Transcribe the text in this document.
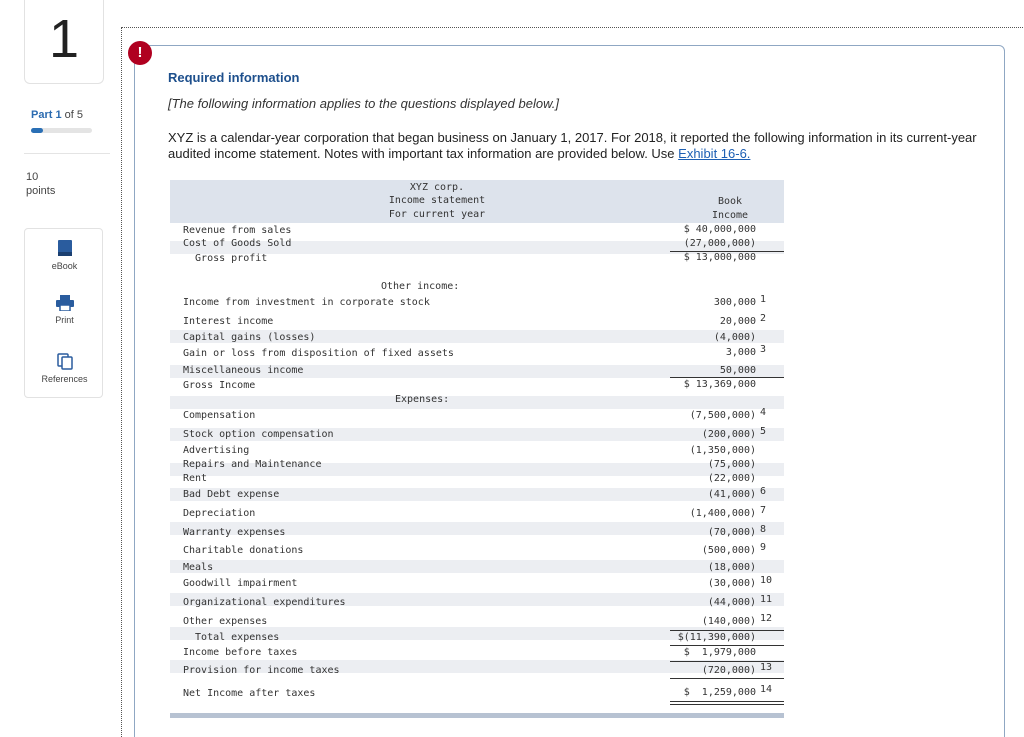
1
Part 1 of 5
10
points
eBook
Print
References
!
Required information
[The following information applies to the questions displayed below.]
XYZ is a calendar-year corporation that began business on January 1, 2017. For 2018, it reported the following information in its current-year audited income statement. Notes with important tax information are provided below. Use Exhibit 16-6.
XYZ corp.
Income statement
For current year
Book
Income
Revenue from sales	$ 40,000,000
Cost of Goods Sold	(27,000,000)
Gross profit	$ 13,000,000
Other income:
Income from investment in corporate stock	300,000 1
Interest income	20,000 2
Capital gains (losses)	(4,000)
Gain or loss from disposition of fixed assets	3,000 3
Miscellaneous income	50,000
Gross Income	$ 13,369,000
Expenses:
Compensation	(7,500,000) 4
Stock option compensation	(200,000) 5
Advertising	(1,350,000)
Repairs and Maintenance	(75,000)
Rent	(22,000)
Bad Debt expense	(41,000) 6
Depreciation	(1,400,000) 7
Warranty expenses	(70,000) 8
Charitable donations	(500,000) 9
Meals	(18,000)
Goodwill impairment	(30,000) 10
Organizational expenditures	(44,000) 11
Other expenses	(140,000) 12
Total expenses	$(11,390,000)
Income before taxes	$  1,979,000
Provision for income taxes	(720,000) 13
Net Income after taxes	$  1,259,000 14
